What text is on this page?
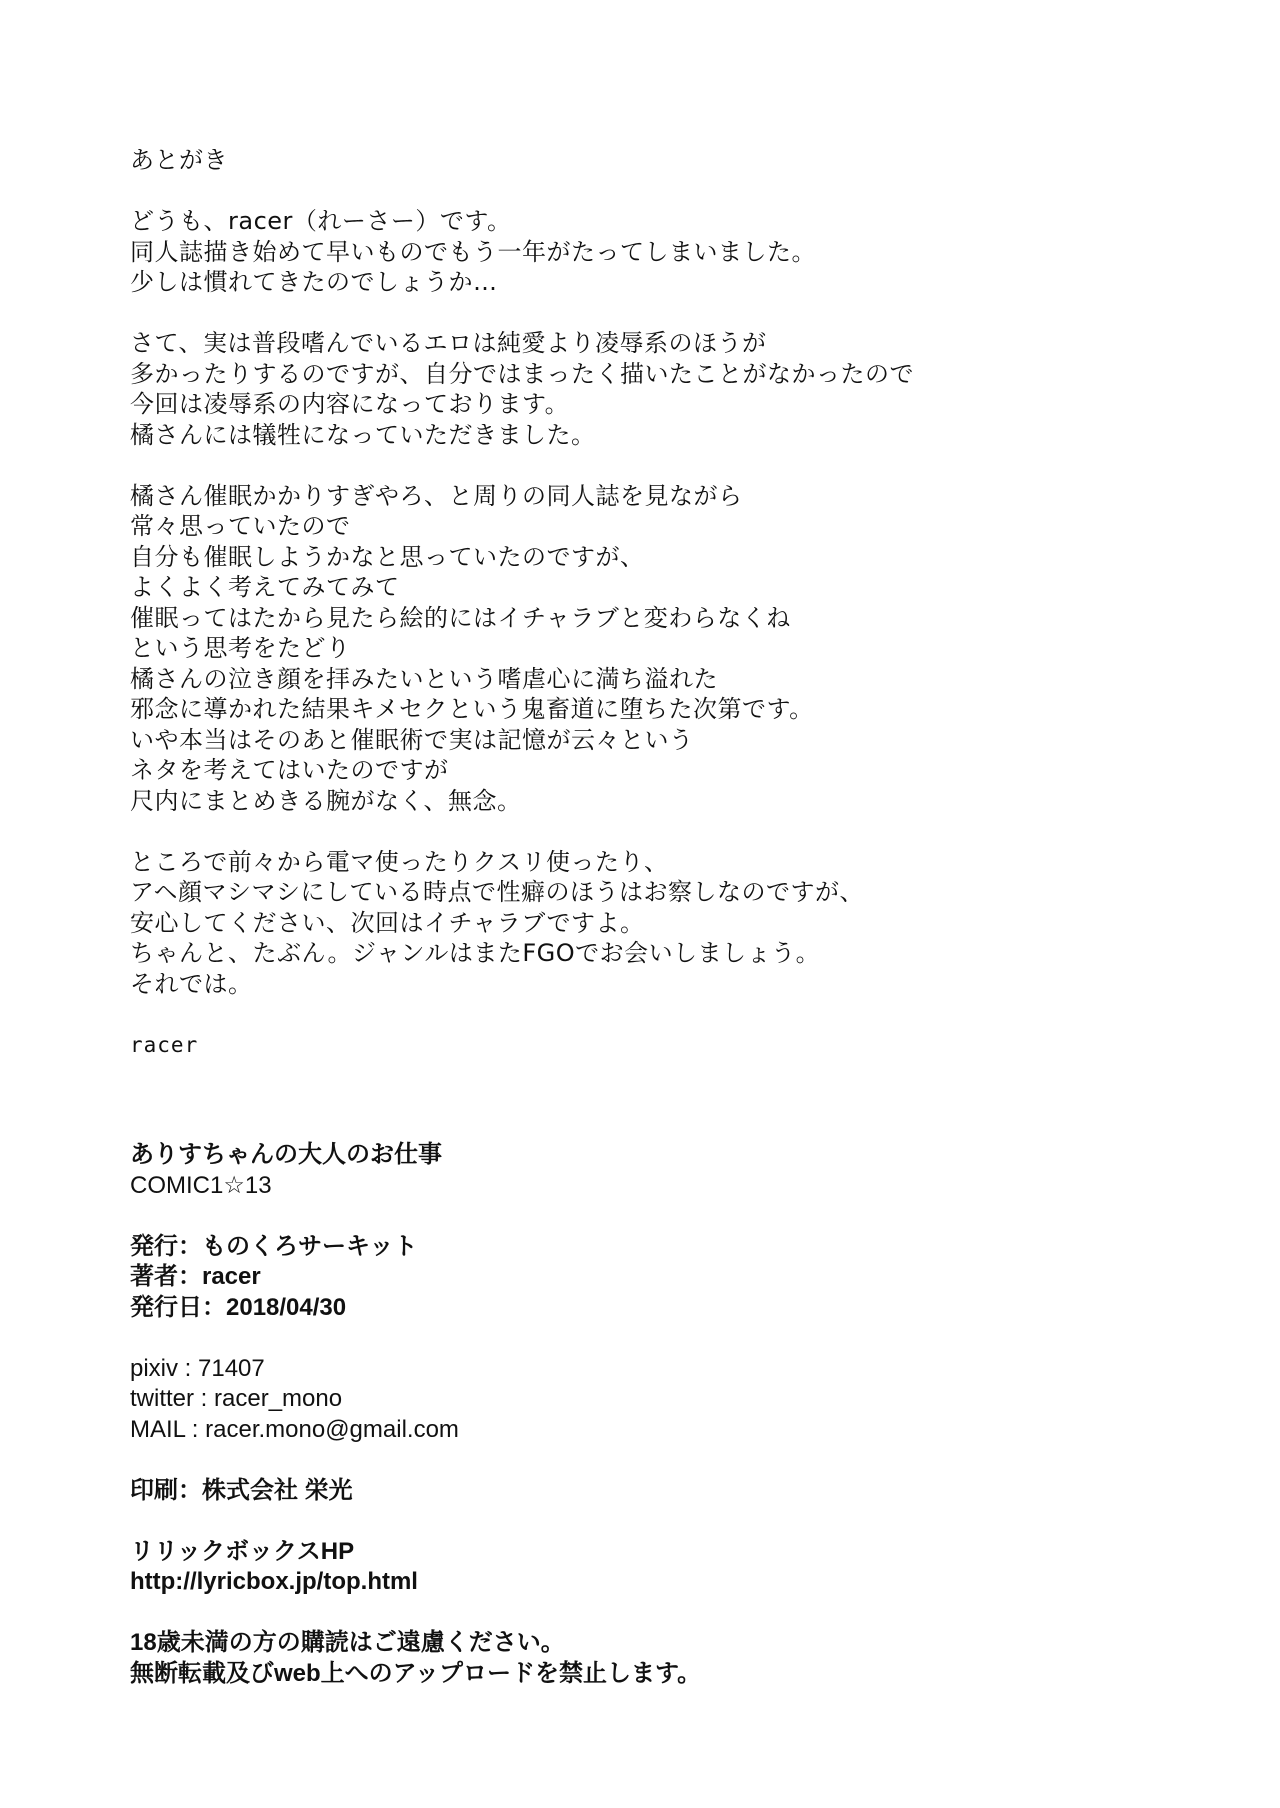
あとがき
どうも、racer（れーさー）です。
同人誌描き始めて早いものでもう一年がたってしまいました。
少しは慣れてきたのでしょうか…
さて、実は普段嗜んでいるエロは純愛より凌辱系のほうが
多かったりするのですが、自分ではまったく描いたことがなかったので
今回は凌辱系の内容になっております。
橘さんには犠牲になっていただきました。
橘さん催眠かかりすぎやろ、と周りの同人誌を見ながら
常々思っていたので
自分も催眠しようかなと思っていたのですが、
よくよく考えてみてみて
催眠ってはたから見たら絵的にはイチャラブと変わらなくね
という思考をたどり
橘さんの泣き顔を拝みたいという嗜虐心に満ち溢れた
邪念に導かれた結果キメセクという鬼畜道に堕ちた次第です。
いや本当はそのあと催眠術で実は記憶が云々という
ネタを考えてはいたのですが
尺内にまとめきる腕がなく、無念。
ところで前々から電マ使ったりクスリ使ったり、
アヘ顔マシマシにしている時点で性癖のほうはお察しなのですが、
安心してください、次回はイチャラブですよ。
ちゃんと、たぶん。ジャンルはまたFGOでお会いしましょう。
それでは。
racer
ありすちゃんの大人のお仕事
COMIC1☆13
発行：ものくろサーキット
著者：racer
発行日：2018/04/30
pixiv : 71407
twitter : racer_mono
MAIL : racer.mono@gmail.com
印刷：株式会社 栄光
リリックボックスHP
http://lyricbox.jp/top.html
18歳未満の方の購読はご遠慮ください。
無断転載及びweb上へのアップロードを禁止します。
